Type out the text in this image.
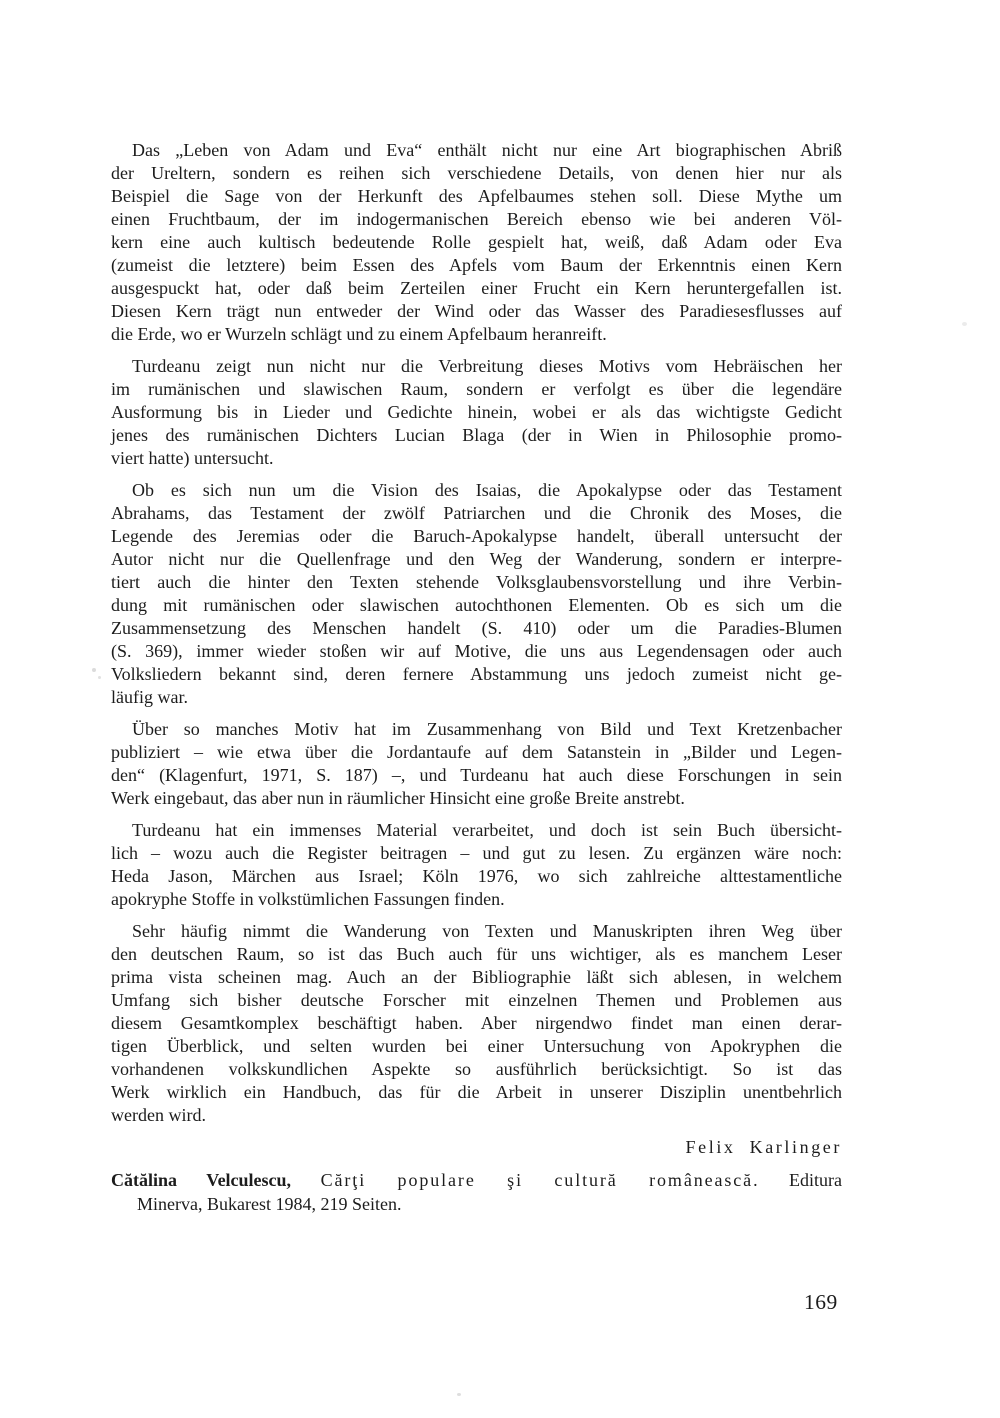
Das „Leben von Adam und Eva“ enthält nicht nur eine Art biographischen Abriß
der Ureltern, sondern es reihen sich verschiedene Details, von denen hier nur als
Beispiel die Sage von der Herkunft des Apfelbaumes stehen soll. Diese Mythe um
einen Fruchtbaum, der im indogermanischen Bereich ebenso wie bei anderen Völ-
kern eine auch kultisch bedeutende Rolle gespielt hat, weiß, daß Adam oder Eva
(zumeist die letztere) beim Essen des Apfels vom Baum der Erkenntnis einen Kern
ausgespuckt hat, oder daß beim Zerteilen einer Frucht ein Kern heruntergefallen ist.
Diesen Kern trägt nun entweder der Wind oder das Wasser des Paradiesesflusses auf
die Erde, wo er Wurzeln schlägt und zu einem Apfelbaum heranreift.

Turdeanu zeigt nun nicht nur die Verbreitung dieses Motivs vom Hebräischen her
im rumänischen und slawischen Raum, sondern er verfolgt es über die legendäre
Ausformung bis in Lieder und Gedichte hinein, wobei er als das wichtigste Gedicht
jenes des rumänischen Dichters Lucian Blaga (der in Wien in Philosophie promo-
viert hatte) untersucht.

Ob es sich nun um die Vision des Isaias, die Apokalypse oder das Testament
Abrahams, das Testament der zwölf Patriarchen und die Chronik des Moses, die
Legende des Jeremias oder die Baruch-Apokalypse handelt, überall untersucht der
Autor nicht nur die Quellenfrage und den Weg der Wanderung, sondern er interpre-
tiert auch die hinter den Texten stehende Volksglaubensvorstellung und ihre Verbin-
dung mit rumänischen oder slawischen autochthonen Elementen. Ob es sich um die
Zusammensetzung des Menschen handelt (S. 410) oder um die Paradies-Blumen
(S. 369), immer wieder stoßen wir auf Motive, die uns aus Legendensagen oder auch
Volksliedern bekannt sind, deren fernere Abstammung uns jedoch zumeist nicht ge-
läufig war.

Über so manches Motiv hat im Zusammenhang von Bild und Text Kretzenbacher
publiziert – wie etwa über die Jordantaufe auf dem Satanstein in „Bilder und Legen-
den“ (Klagenfurt, 1971, S. 187) –, und Turdeanu hat auch diese Forschungen in sein
Werk eingebaut, das aber nun in räumlicher Hinsicht eine große Breite anstrebt.

Turdeanu hat ein immenses Material verarbeitet, und doch ist sein Buch übersicht-
lich – wozu auch die Register beitragen – und gut zu lesen. Zu ergänzen wäre noch:
Heda Jason, Märchen aus Israel; Köln 1976, wo sich zahlreiche alttestamentliche
apokryphe Stoffe in volkstümlichen Fassungen finden.

Sehr häufig nimmt die Wanderung von Texten und Manuskripten ihren Weg über
den deutschen Raum, so ist das Buch auch für uns wichtiger, als es manchem Leser
prima vista scheinen mag. Auch an der Bibliographie läßt sich ablesen, in welchem
Umfang sich bisher deutsche Forscher mit einzelnen Themen und Problemen aus
diesem Gesamtkomplex beschäftigt haben. Aber nirgendwo findet man einen derar-
tigen Überblick, und selten wurden bei einer Untersuchung von Apokryphen die
vorhandenen volkskundlichen Aspekte so ausführlich berücksichtigt. So ist das
Werk wirklich ein Handbuch, das für die Arbeit in unserer Disziplin unentbehrlich
werden wird.

Felix Karlinger

Cătălina Velculescu, Cărţi populare şi cultură românească. Editura
Minerva, Bukarest 1984, 219 Seiten.

169
